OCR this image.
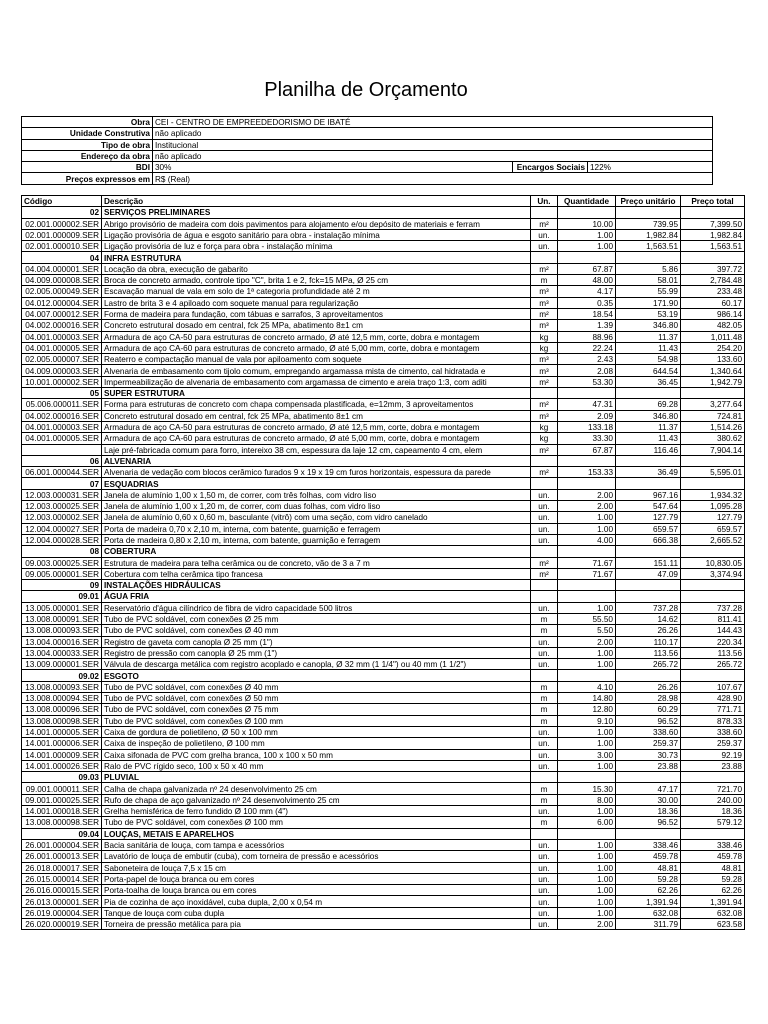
Planilha de Orçamento
Obra	CEI - CENTRO DE EMPREEDEDORISMO DE IBATÉ		
Unidade Construtiva	não aplicado		
Tipo de obra	Institucional		
Endereço da obra	não aplicado		
BDI	30%	Encargos Sociais	122%
Preços expressos em	R$ (Real)		
Código	Descrição	Un.	Quantidade	Preço unitário	Preço total
02	SERVIÇOS PRELIMINARES				
02.001.000002.SER	Abrigo provisório de madeira com dois pavimentos para alojamento e/ou depósito de materiais e ferram	m²	10.00	739.95	7,399.50
02.001.000009.SER	Ligação provisória de água e esgoto sanitário para obra - instalação mínima	un.	1.00	1,982.84	1,982.84
02.001.000010.SER	Ligação provisória de luz e força para obra - instalação mínima	un.	1.00	1,563.51	1,563.51
04	INFRA ESTRUTURA				
04.004.000001.SER	Locação da obra, execução de gabarito	m²	67.87	5.86	397.72
04.009.000008.SER	Broca de concreto armado, controle tipo "C", brita 1 e 2, fck=15 MPa, Ø 25 cm	m	48.00	58.01	2,784.48
02.005.000049.SER	Escavação manual de vala em solo de 1ª categoria profundidade até 2 m	m³	4.17	55.99	233.48
04.012.000004.SER	Lastro de brita 3 e 4 apiloado com soquete manual para regularização	m³	0.35	171.90	60.17
04.007.000012.SER	Forma de madeira para fundação, com tábuas e sarrafos, 3 aproveitamentos	m²	18.54	53.19	986.14
04.002.000016.SER	Concreto estrutural dosado em central, fck 25 MPa, abatimento 8±1 cm	m³	1.39	346.80	482.05
04.001.000003.SER	Armadura de aço CA-50 para estruturas de concreto armado, Ø até 12,5 mm, corte, dobra e montagem	kg	88.96	11.37	1,011.48
04.001.000005.SER	Armadura de aço CA-60 para estruturas de concreto armado, Ø até 5,00 mm, corte, dobra e montagem	kg	22.24	11.43	254.20
02.005.000007.SER	Reaterro e compactação manual de vala por apiloamento com soquete	m³	2.43	54.98	133.60
04.009.000003.SER	Alvenaria de embasamento com tijolo comum, empregando argamassa mista de cimento, cal hidratada e	m³	2.08	644.54	1,340.64
10.001.000002.SER	Impermeabilização de alvenaria de embasamento com argamassa de cimento e areia traço 1:3, com aditi	m²	53.30	36.45	1,942.79
05	SUPER ESTRUTURA				
05.006.000011.SER	Forma para estruturas de concreto com chapa compensada plastificada, e=12mm, 3 aproveitamentos	m²	47.31	69.28	3,277.64
04.002.000016.SER	Concreto estrutural dosado em central, fck 25 MPa, abatimento 8±1 cm	m³	2.09	346.80	724.81
04.001.000003.SER	Armadura de aço CA-50 para estruturas de concreto armado, Ø até 12,5 mm, corte, dobra e montagem	kg	133.18	11.37	1,514.26
04.001.000005.SER	Armadura de aço CA-60 para estruturas de concreto armado, Ø até 5,00 mm, corte, dobra e montagem	kg	33.30	11.43	380.62
	Laje pré-fabricada comum para forro, intereixo 38 cm, espessura da laje 12 cm, capeamento 4 cm, elem	m²	67.87	116.46	7,904.14
06	ALVENARIA				
06.001.000044.SER	Alvenaria de vedação com blocos cerâmico furados 9 x 19 x 19 cm furos horizontais, espessura da parede	m²	153.33	36.49	5,595.01
07	ESQUADRIAS				
12.003.000031.SER	Janela de alumínio 1,00 x 1,50 m, de correr, com três folhas, com vidro liso	un.	2.00	967.16	1,934.32
12.003.000025.SER	Janela de alumínio 1,00 x 1,20 m, de correr, com duas folhas, com vidro liso	un.	2.00	547.64	1,095.28
12.003.000002.SER	Janela de alumínio 0,60 x 0,60 m, basculante (vitrô) com uma seção, com vidro canelado	un.	1.00	127.79	127.79
12.004.000027.SER	Porta de madeira 0,70 x 2,10 m, interna, com batente, guarnição e ferragem	un.	1.00	659.57	659.57
12.004.000028.SER	Porta de madeira 0,80 x 2,10 m, interna, com batente, guarnição e ferragem	un.	4.00	666.38	2,665.52
08	COBERTURA				
09.003.000025.SER	Estrutura de madeira para telha cerâmica ou de concreto, vão de 3 a 7 m	m²	71.67	151.11	10,830.05
09.005.000001.SER	Cobertura com telha cerâmica tipo francesa	m²	71.67	47.09	3,374.94
09	INSTALAÇÕES HIDRÁULICAS				
09.01	ÁGUA FRIA				
13.005.000001.SER	Reservatório d'água cilíndrico de fibra de vidro capacidade 500 litros	un.	1.00	737.28	737.28
13.008.000091.SER	Tubo de PVC soldável, com conexões Ø 25 mm	m	55.50	14.62	811.41
13.008.000093.SER	Tubo de PVC soldável, com conexões Ø 40 mm	m	5.50	26.26	144.43
13.004.000016.SER	Registro de gaveta com canopla Ø 25 mm (1")	un.	2.00	110.17	220.34
13.004.000033.SER	Registro de pressão com canopla Ø 25 mm (1")	un.	1.00	113.56	113.56
13.009.000001.SER	Válvula de descarga metálica com registro acoplado e canopla, Ø 32 mm (1 1/4") ou 40 mm (1 1/2")	un.	1.00	265.72	265.72
09.02	ESGOTO				
13.008.000093.SER	Tubo de PVC soldável, com conexões Ø 40 mm	m	4.10	26.26	107.67
13.008.000094.SER	Tubo de PVC soldável, com conexões Ø 50 mm	m	14.80	28.98	428.90
13.008.000096.SER	Tubo de PVC soldável, com conexões Ø 75 mm	m	12.80	60.29	771.71
13.008.000098.SER	Tubo de PVC soldável, com conexões Ø 100 mm	m	9.10	96.52	878.33
14.001.000005.SER	Caixa de gordura de polietileno, Ø 50 x 100 mm	un.	1.00	338.60	338.60
14.001.000006.SER	Caixa de inspeção de polietileno, Ø 100 mm	un.	1.00	259.37	259.37
14.001.000009.SER	Caixa sifonada de PVC com grelha branca, 100 x 100 x 50 mm	un.	3.00	30.73	92.19
14.001.000026.SER	Ralo de PVC rígido seco, 100 x 50 x 40 mm	un.	1.00	23.88	23.88
09.03	PLUVIAL				
09.001.000011.SER	Calha de chapa galvanizada nº 24 desenvolvimento 25 cm	m	15.30	47.17	721.70
09.001.000025.SER	Rufo de chapa de aço galvanizado nº 24 desenvolvimento 25 cm	m	8.00	30.00	240.00
14.001.000018.SER	Grelha hemisférica de ferro fundido Ø 100 mm (4")	un.	1.00	18.36	18.36
13.008.000098.SER	Tubo de PVC soldável, com conexões Ø 100 mm	m	6.00	96.52	579.12
09.04	LOUÇAS, METAIS E APARELHOS				
26.001.000004.SER	Bacia sanitária de louça, com tampa e acessórios	un.	1.00	338.46	338.46
26.001.000013.SER	Lavatório de louça de embutir (cuba), com torneira de pressão e acessórios	un.	1.00	459.78	459.78
26.018.000017.SER	Saboneteira de louça 7,5 x 15 cm	un.	1.00	48.81	48.81
26.015.000014.SER	Porta-papel de louça branca ou em cores	un.	1.00	59.28	59.28
26.016.000015.SER	Porta-toalha de louça branca ou em cores	un.	1.00	62.26	62.26
26.013.000001.SER	Pia de cozinha de aço inoxidável, cuba dupla, 2,00 x 0,54 m	un.	1.00	1,391.94	1,391.94
26.019.000004.SER	Tanque de louça com cuba dupla	un.	1.00	632.08	632.08
26.020.000019.SER	Torneira de pressão metálica para pia	un.	2.00	311.79	623.58
